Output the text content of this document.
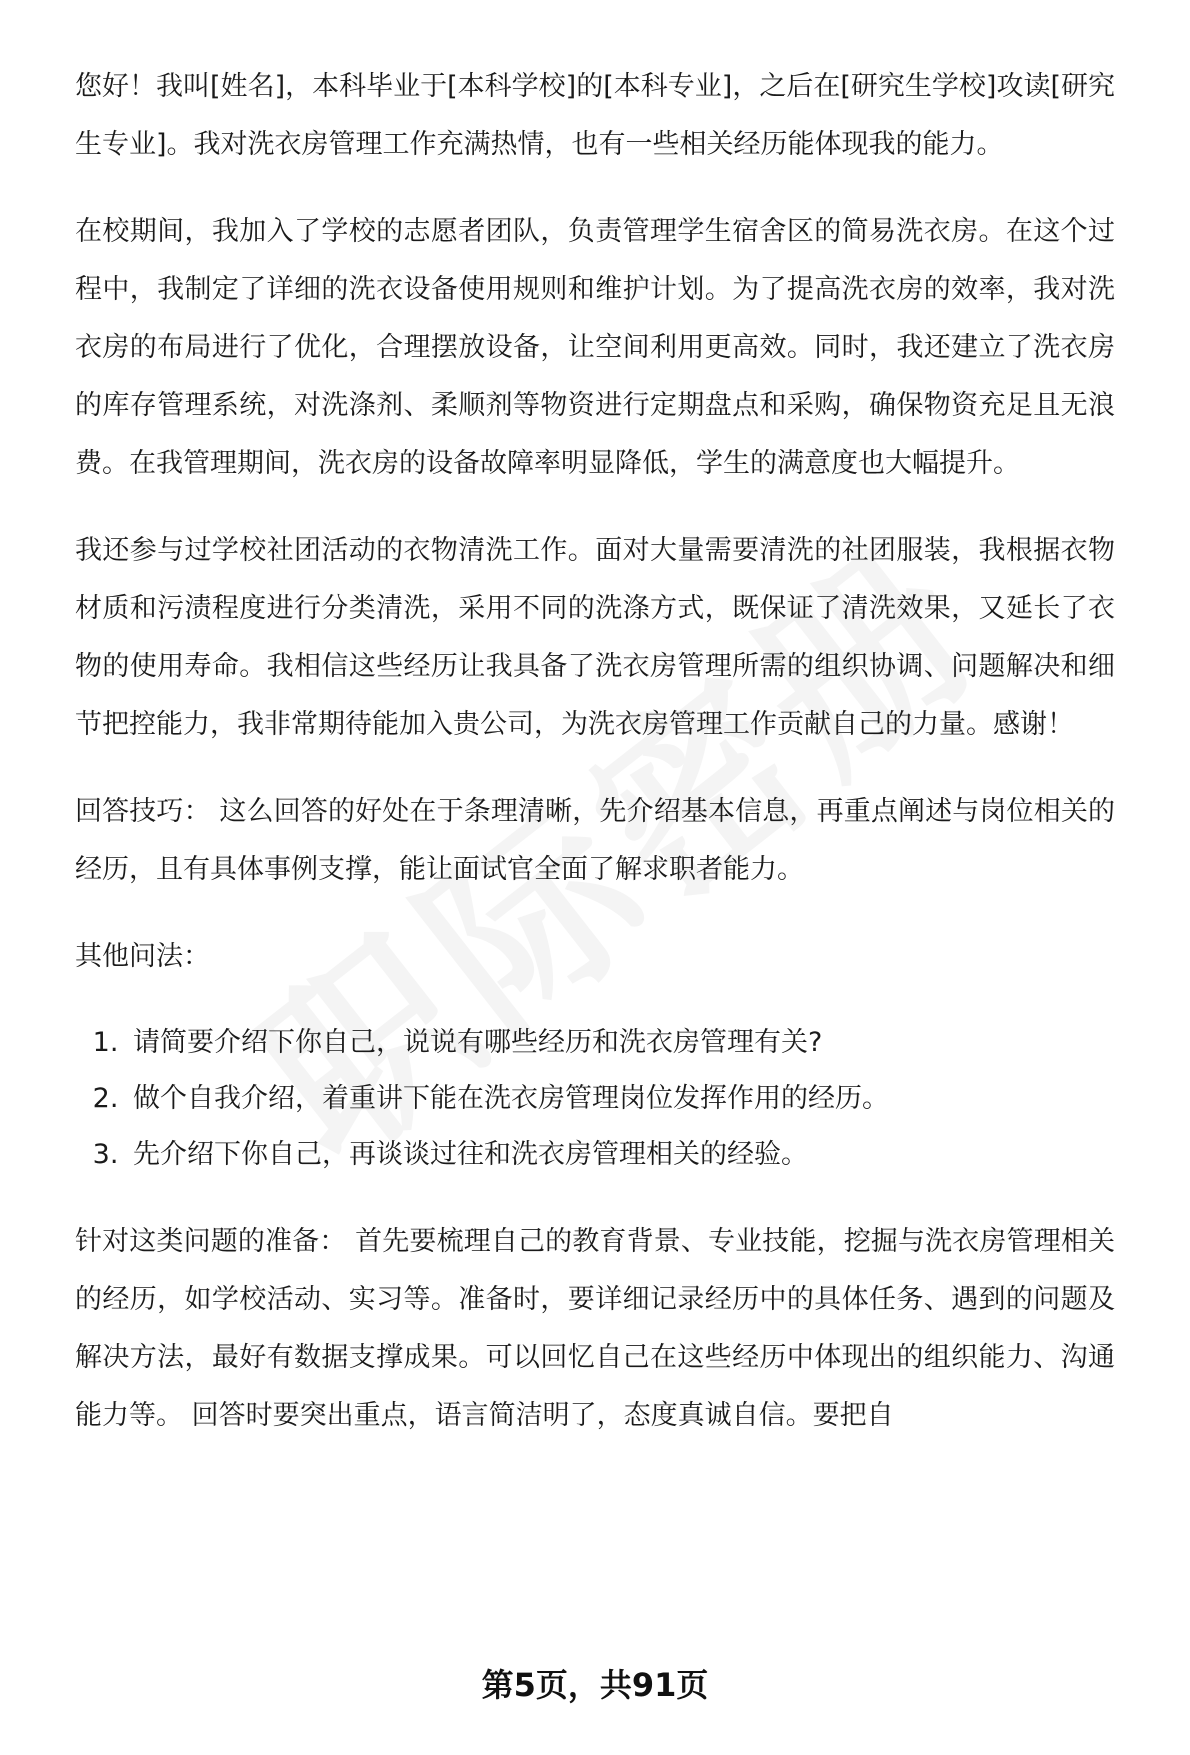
您好！我叫[姓名]，本科毕业于[本科学校]的[本科专业]，之后在[研究生学校]攻读[研究生专业]。我对洗衣房管理工作充满热情，也有一些相关经历能体现我的能力。

在校期间，我加入了学校的志愿者团队，负责管理学生宿舍区的简易洗衣房。在这个过程中，我制定了详细的洗衣设备使用规则和维护计划。为了提高洗衣房的效率，我对洗衣房的布局进行了优化，合理摆放设备，让空间利用更高效。同时，我还建立了洗衣房的库存管理系统，对洗涤剂、柔顺剂等物资进行定期盘点和采购，确保物资充足且无浪费。在我管理期间，洗衣房的设备故障率明显降低，学生的满意度也大幅提升。

我还参与过学校社团活动的衣物清洗工作。面对大量需要清洗的社团服装，我根据衣物材质和污渍程度进行分类清洗，采用不同的洗涤方式，既保证了清洗效果，又延长了衣物的使用寿命。我相信这些经历让我具备了洗衣房管理所需的组织协调、问题解决和细节把控能力，我非常期待能加入贵公司，为洗衣房管理工作贡献自己的力量。感谢！

回答技巧： 这么回答的好处在于条理清晰，先介绍基本信息，再重点阐述与岗位相关的经历，且有具体事例支撑，能让面试官全面了解求职者能力。

其他问法：

1. 请简要介绍下你自己，说说有哪些经历和洗衣房管理有关?
2. 做个自我介绍，着重讲下能在洗衣房管理岗位发挥作用的经历。
3. 先介绍下你自己，再谈谈过往和洗衣房管理相关的经验。

针对这类问题的准备： 首先要梳理自己的教育背景、专业技能，挖掘与洗衣房管理相关的经历，如学校活动、实习等。准备时，要详细记录经历中的具体任务、遇到的问题及解决方法，最好有数据支撑成果。可以回忆自己在这些经历中体现出的组织能力、沟通能力等。 回答时要突出重点，语言简洁明了，态度真诚自信。要把自

第5页，共91页
